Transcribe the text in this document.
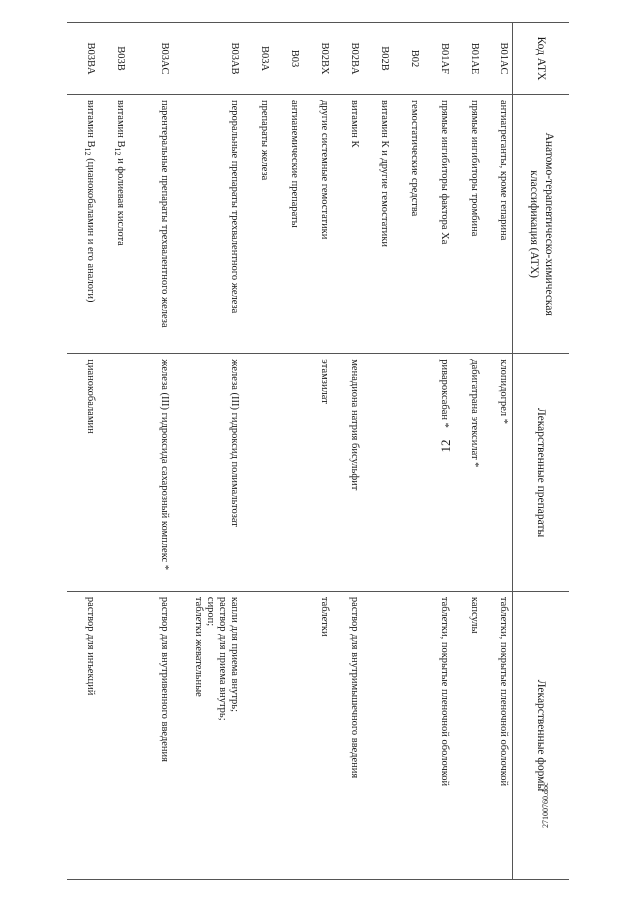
12
Код АТХ	Анатомо-терапевтическо-химическая классификация (АТХ)	Лекарственные препараты	Лекарственные формы
B01AC	антиагреганты, кроме гепарина	клопидогрел *	таблетки, покрытые пленочной оболочкой
B01AE	прямые ингибиторы тромбина	дабигатрана этексилат *	капсулы
B01AF	прямые ингибиторы фактора Xa	ривароксабан *	таблетки, покрытые пленочной оболочкой
B02	гемостатические средства		
B02B	витамин К и другие гемостатики		
B02BA	витамин К	менадиона натрия бисульфит	раствор для внутримышечного введения
B02BX	другие системные гемостатики	этамзилат	таблетки
B03	антианемические препараты		
B03A	препараты железа		
B03AB	пероральные препараты трехвалентного железа	железа (III) гидроксид полимальтозат	капли для приема внутрь;
раствор для приема внутрь;
сироп;
таблетки жевательные
B03AC	парентеральные препараты трехвалентного железа	железа (III) гидроксида сахарозный комплекс *	раствор для внутривенного введения
B03B	витамин $B_{12}$ и фолиевая кислота		
B03BA	витамин $B_{12}$ (цианокобаламин и его аналоги)	цианокобаламин	раствор для инъекций
27100760.doc
